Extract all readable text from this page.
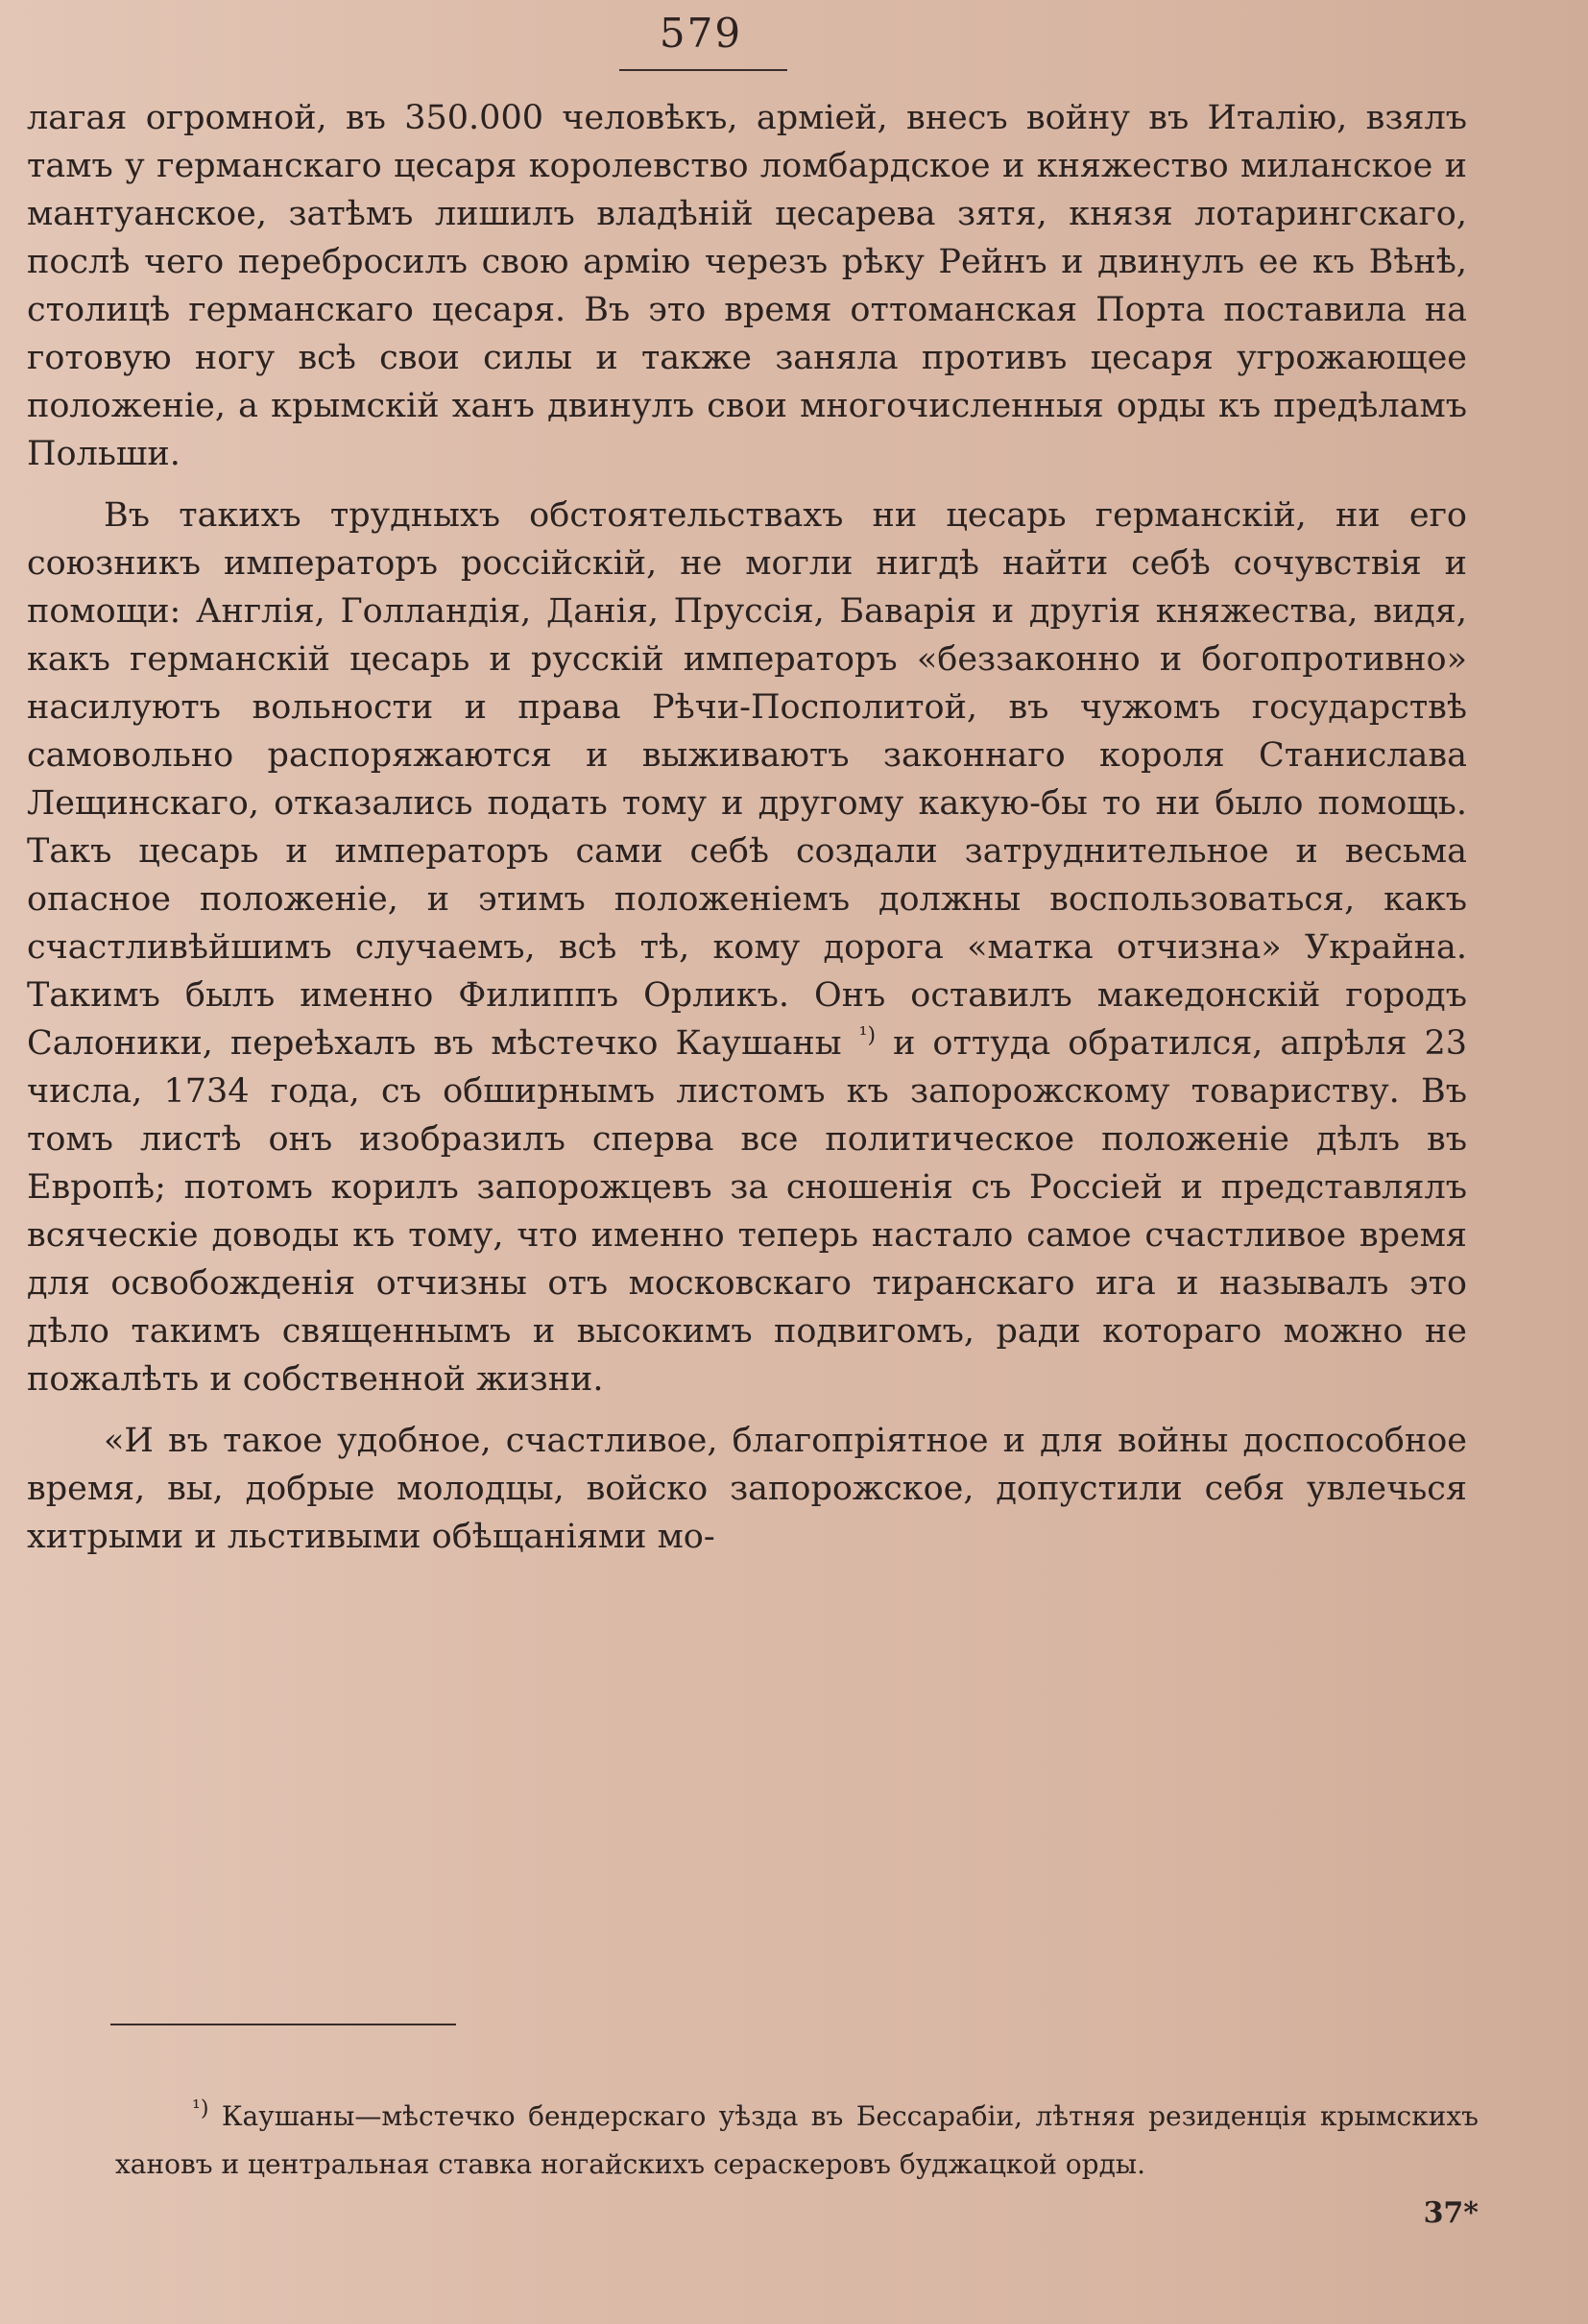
579

лагая огромной, въ 350.000 человѣкъ, арміей, внесъ войну въ Италію, взялъ тамъ у германскаго цесаря королевство ломбардское и княжество миланское и мантуанское, затѣмъ лишилъ владѣній цесарева зятя, князя лотарингскаго, послѣ чего перебросилъ свою армію черезъ рѣку Рейнъ и двинулъ ее къ Вѣнѣ, столицѣ германскаго цесаря. Въ это время оттоманская Порта поставила на готовую ногу всѣ свои силы и также заняла противъ цесаря угрожающее положеніе, а крымскій ханъ двинулъ свои многочисленныя орды къ предѣламъ Польши.

Въ такихъ трудныхъ обстоятельствахъ ни цесарь германскій, ни его союзникъ императоръ россійскій, не могли нигдѣ найти себѣ сочувствія и помощи: Англія, Голландія, Данія, Пруссія, Баварія и другія княжества, видя, какъ германскій цесарь и русскій императоръ «беззаконно и богопротивно» насилуютъ вольности и права Рѣчи-Посполитой, въ чужомъ государствѣ самовольно распоряжаются и выживаютъ законнаго короля Станислава Лещинскаго, отказались подать тому и другому какую-бы то ни было помощь. Такъ цесарь и императоръ сами себѣ создали затруднительное и весьма опасное положеніе, и этимъ положеніемъ должны воспользоваться, какъ счастливѣйшимъ случаемъ, всѣ тѣ, кому дорога «матка отчизна» Украйна. Такимъ былъ именно Филиппъ Орликъ. Онъ оставилъ македонскій городъ Салоники, переѣхалъ въ мѣстечко Каушаны $^{^1)}$ и оттуда обратился, апрѣля 23 числа, 1734 года, съ обширнымъ листомъ къ запорожскому товариству. Въ томъ листѣ онъ изобразилъ сперва все политическое положеніе дѣлъ въ Европѣ; потомъ корилъ запорожцевъ за сношенія съ Россіей и представлялъ всяческіе доводы къ тому, что именно теперь настало самое счастливое время для освобожденія отчизны отъ московскаго тиранскаго ига и называлъ это дѣло такимъ священнымъ и высокимъ подвигомъ, ради котораго можно не пожалѣть и собственной жизни.

«И въ такое удобное, счастливое, благопріятное и для войны доспособное время, вы, добрые молодцы, войско запорожское, допустили себя увлечься хитрыми и льстивыми обѣщаніями мо-

$^{^1)}$ Каушаны—мѣстечко бендерскаго уѣзда въ Бессарабіи, лѣтняя резиденція крымскихъ хановъ и центральная ставка ногайскихъ сераскеровъ буджацкой орды.

37*
